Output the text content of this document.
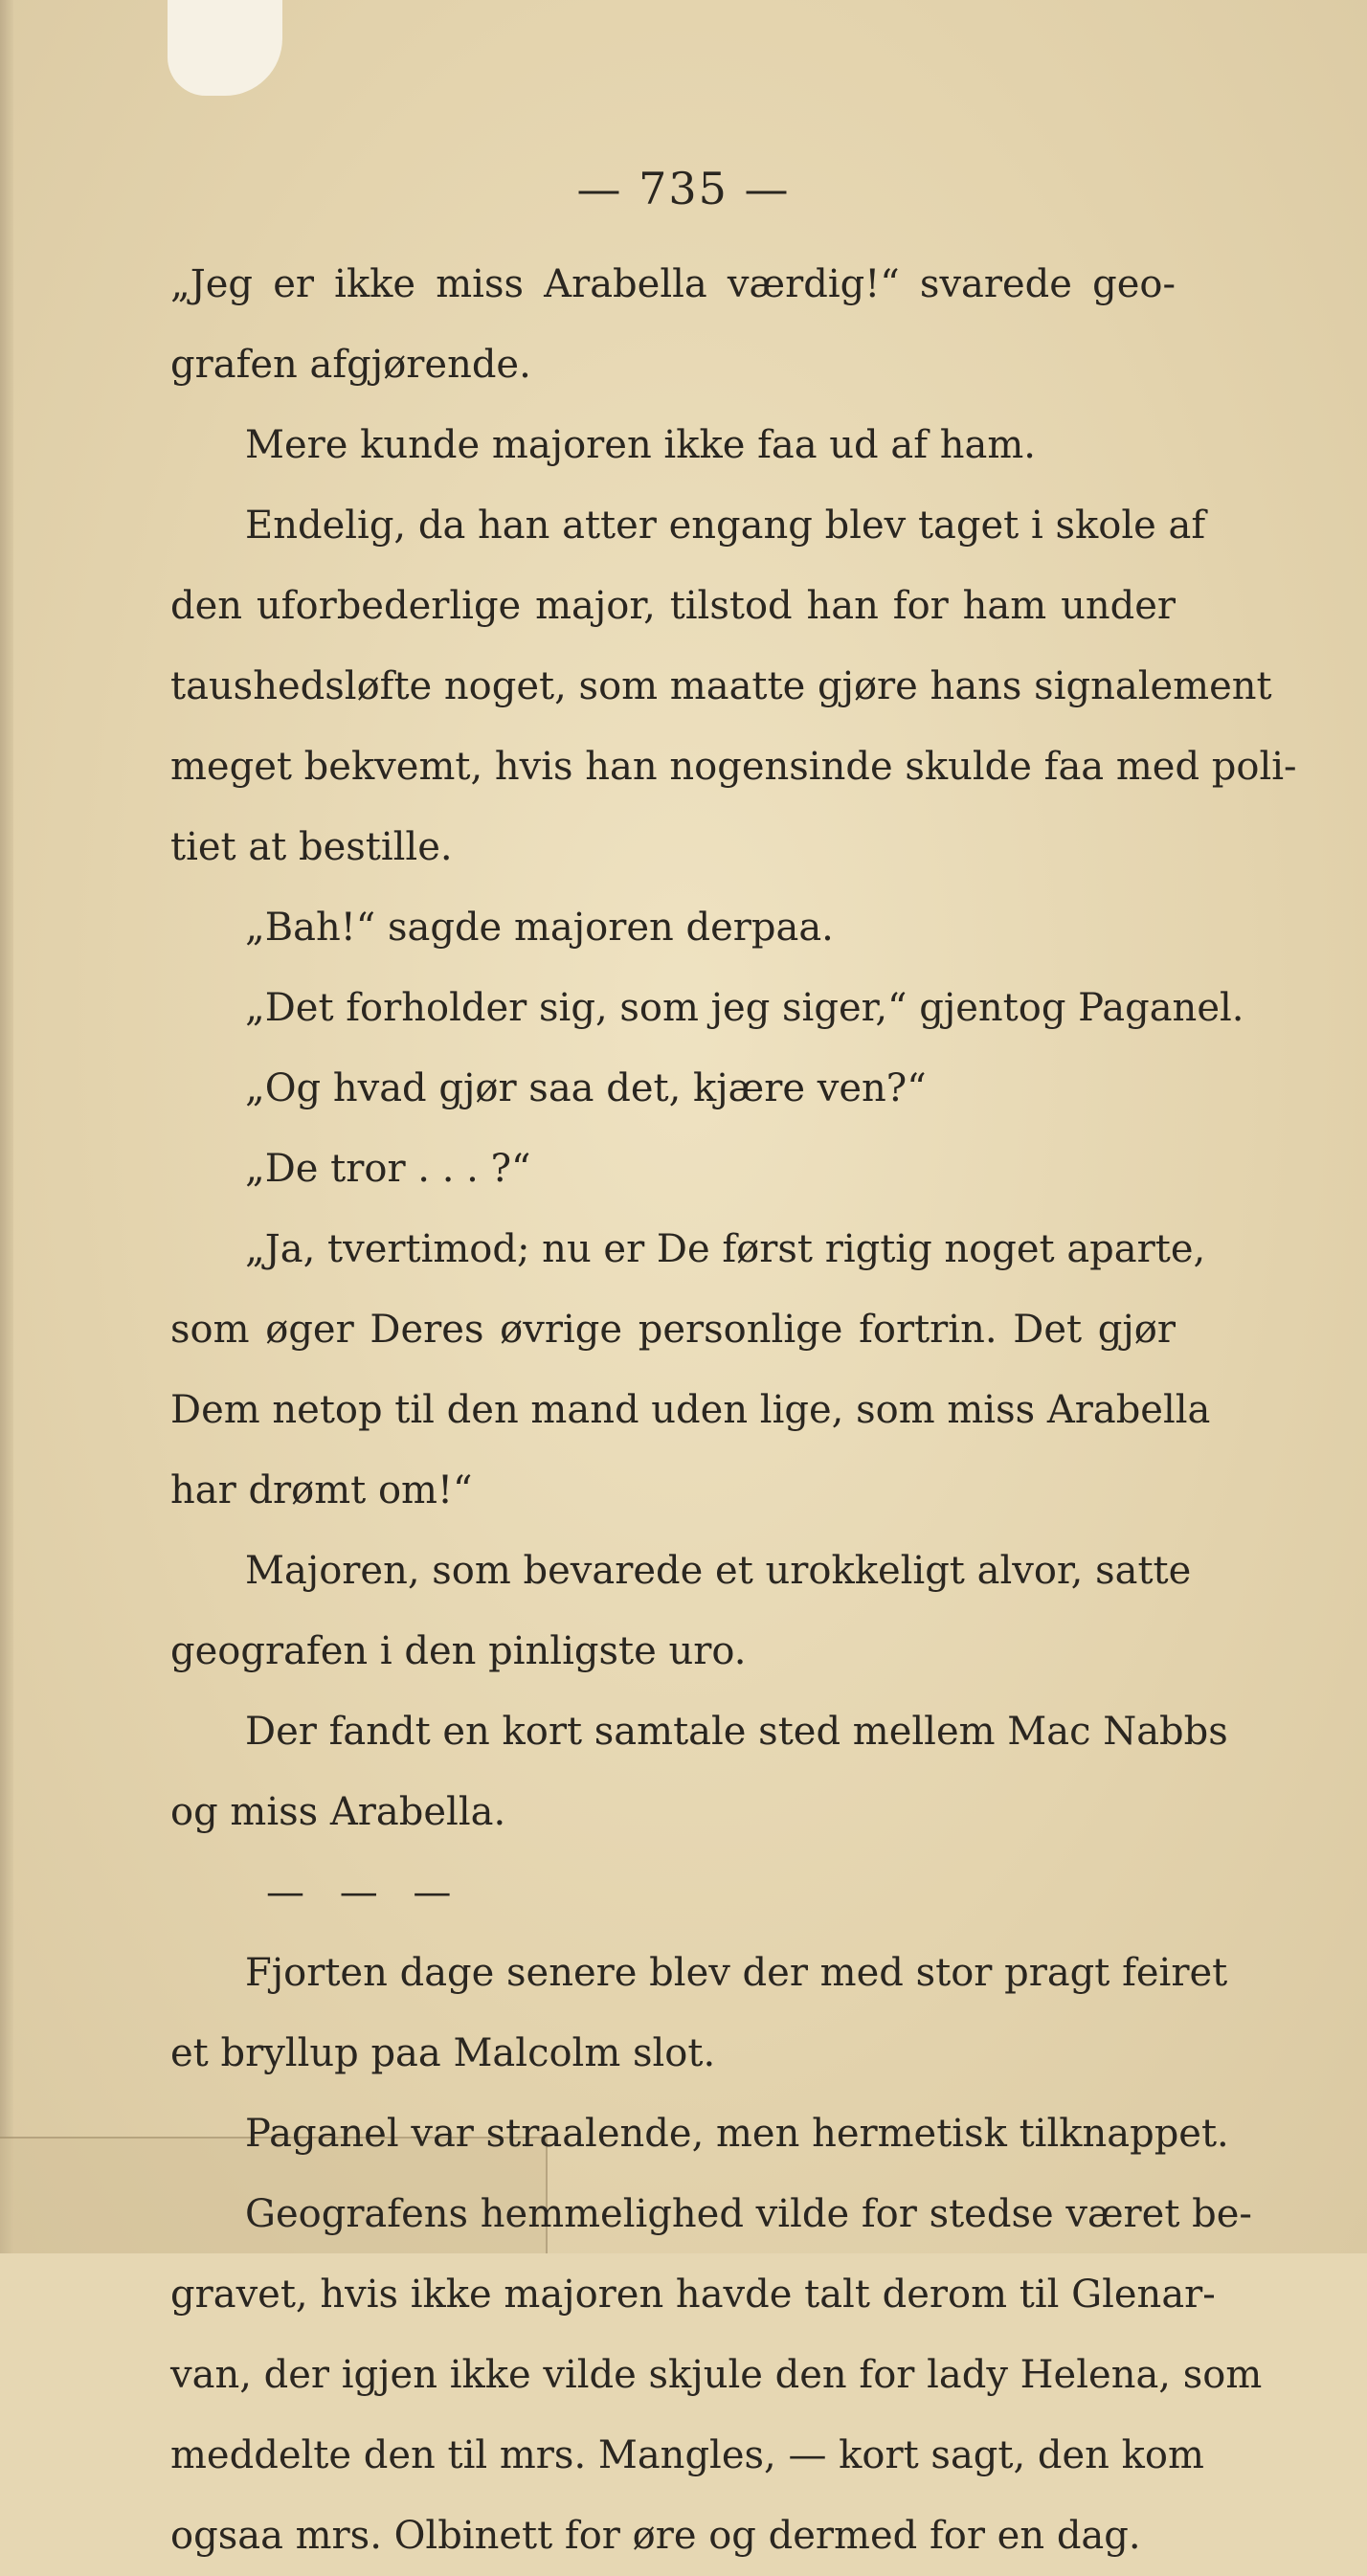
— 735 —
„Jeg er ikke miss Arabella værdig!“ svarede geo-
grafen afgjørende.
Mere kunde majoren ikke faa ud af ham.
Endelig, da han atter engang blev taget i skole af
den uforbederlige major, tilstod han for ham under
taushedsløfte noget, som maatte gjøre hans signalement
meget bekvemt, hvis han nogensinde skulde faa med poli-
tiet at bestille.
„Bah!“ sagde majoren derpaa.
„Det forholder sig, som jeg siger,“ gjentog Paganel.
„Og hvad gjør saa det, kjære ven?“
„De tror . . . ?“
„Ja, tvertimod; nu er De først rigtig noget aparte,
som øger Deres øvrige personlige fortrin. Det gjør
Dem netop til den mand uden lige, som miss Arabella
har drømt om!“
Majoren, som bevarede et urokkeligt alvor, satte
geografen i den pinligste uro.
Der fandt en kort samtale sted mellem Mac Nabbs
og miss Arabella.
— — —
Fjorten dage senere blev der med stor pragt feiret
et bryllup paa Malcolm slot.
Paganel var straalende, men hermetisk tilknappet.
Geografens hemmelighed vilde for stedse været be-
gravet, hvis ikke majoren havde talt derom til Glenar-
van, der igjen ikke vilde skjule den for lady Helena, som
meddelte den til mrs. Mangles, — kort sagt, den kom
ogsaa mrs. Olbinett for øre og dermed for en dag.
